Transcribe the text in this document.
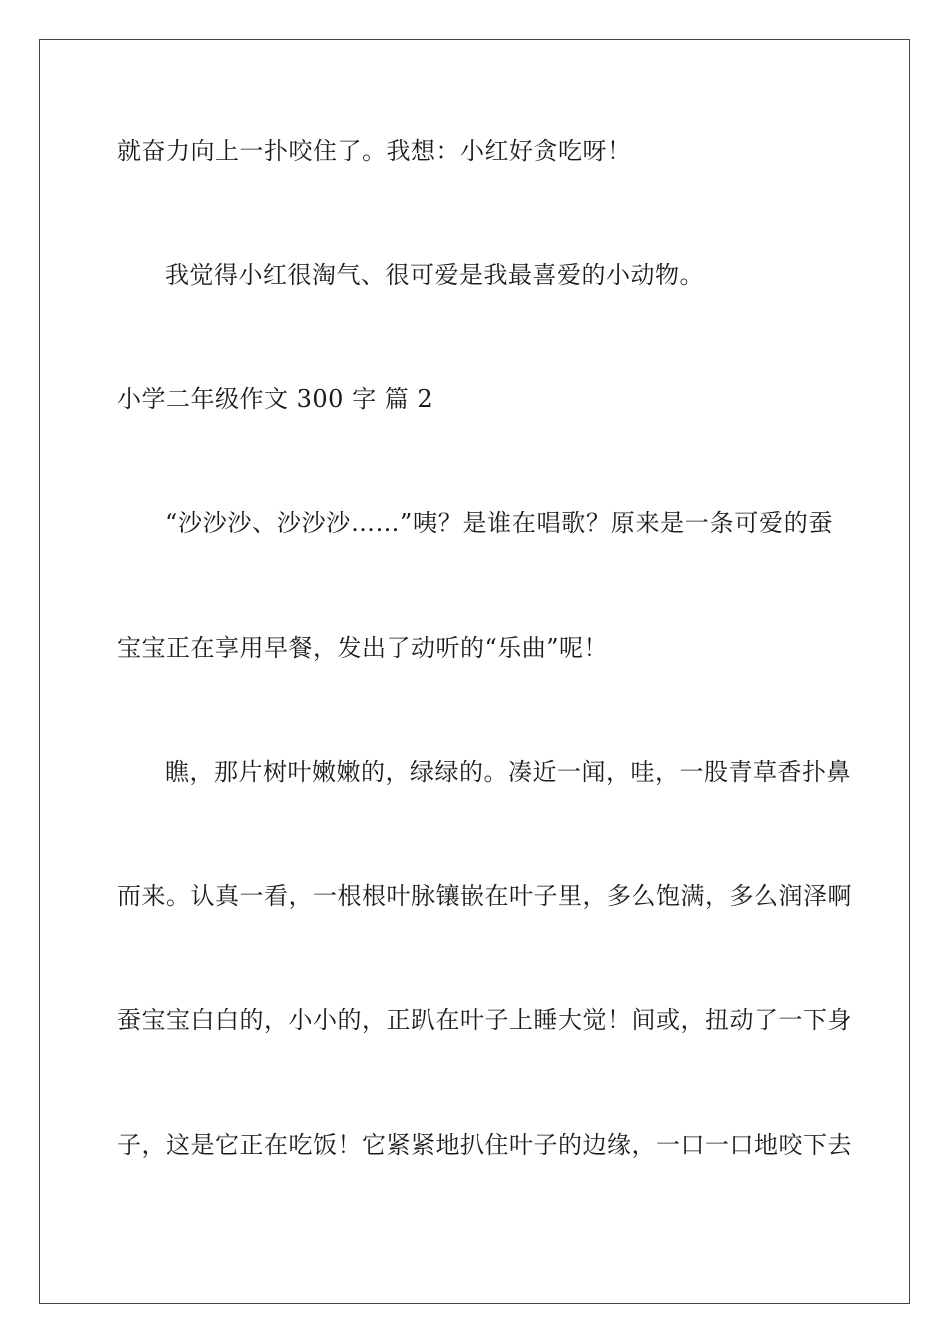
就奋力向上一扑咬住了。我想：小红好贪吃呀！
我觉得小红很淘气、很可爱是我最喜爱的小动物。
小学二年级作文 300 字 篇 2
“沙沙沙、沙沙沙……”咦？是谁在唱歌？原来是一条可爱的蚕
宝宝正在享用早餐，发出了动听的“乐曲”呢！
瞧，那片树叶嫩嫩的，绿绿的。凑近一闻，哇，一股青草香扑鼻
而来。认真一看，一根根叶脉镶嵌在叶子里，多么饱满，多么润泽啊
蚕宝宝白白的，小小的，正趴在叶子上睡大觉！间或，扭动了一下身
子，这是它正在吃饭！它紧紧地扒住叶子的边缘，一口一口地咬下去
